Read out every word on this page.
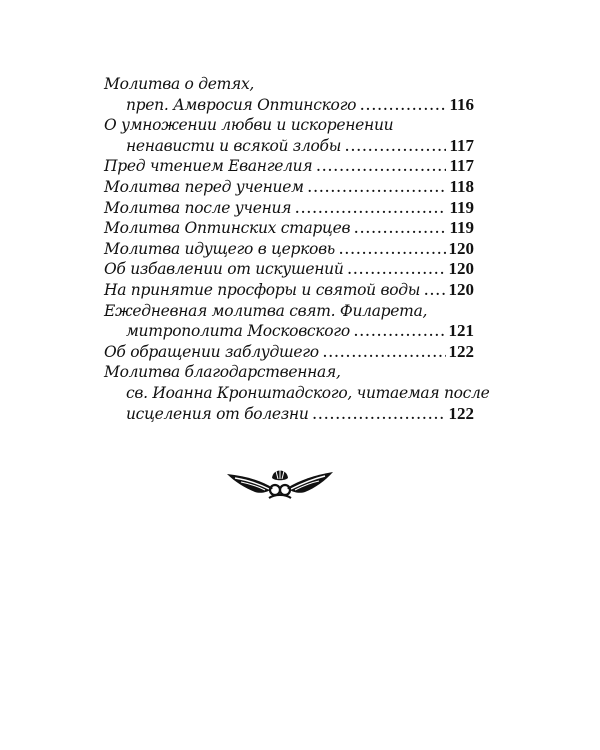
Молитва о детях,
преп. Амвросия Оптинского .....	116
О умножении любви и искоренении
ненависти и всякой злобы .....	117
Пред чтением Евангелия .....	117
Молитва перед учением .....	118
Молитва после учения .....	119
Молитва Оптинских старцев .....	119
Молитва идущего в церковь .....	120
Об избавлении от искушений .....	120
На принятие просфоры и святой воды ..... 120
Ежедневная молитва свят. Филарета,
митрополита Московского .....	121
Об обращении заблудшего .....	122
Молитва благодарственная,
св. Иоанна Кронштадского, читаемая после
исцеления от болезни .....	122
